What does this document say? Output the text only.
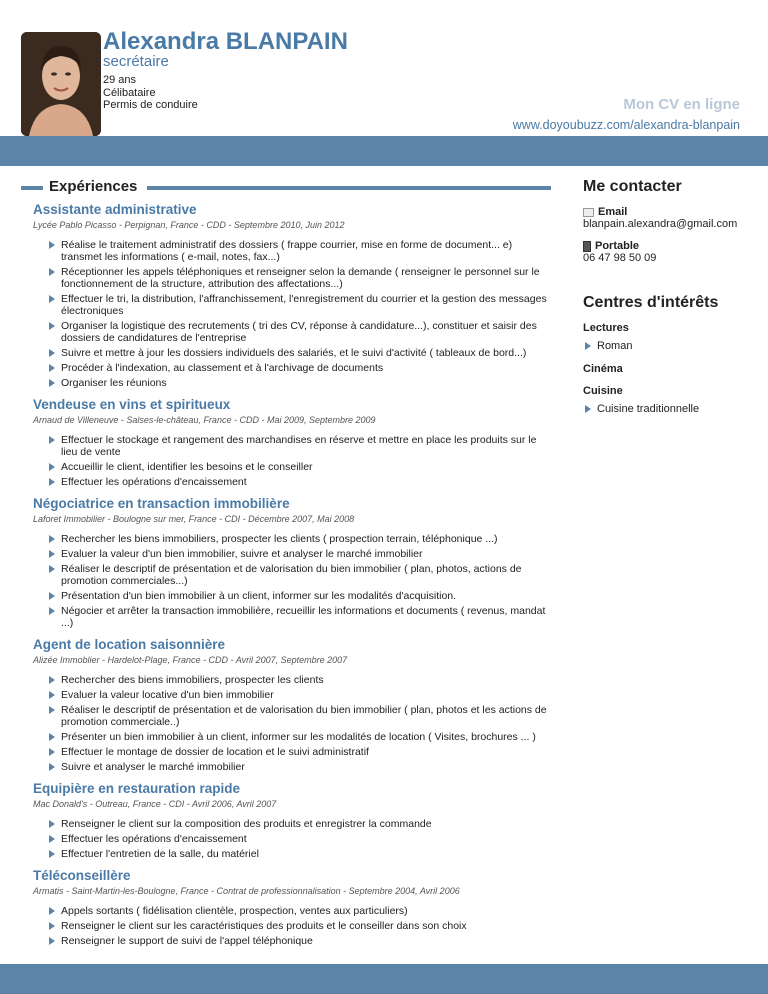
Alexandra BLANPAIN
secrétaire
29 ans
Célibataire
Permis de conduire	Mon CV en ligne
www.doyoubuzz.com/alexandra-blanpain
Expériences
Assistante administrative
Lycée Pablo Picasso - Perpignan, France - CDD - Septembre 2010, Juin 2012
Réalise le traitement administratif des dossiers ( frappe courrier, mise en forme de document... e) transmet les informations ( e-mail, notes, fax...)
Réceptionner les appels téléphoniques et renseigner selon la demande ( renseigner le personnel sur le fonctionnement de la structure, attribution des affectations...)
Effectuer le tri, la distribution, l'affranchissement, l'enregistrement du courrier et la gestion des messages électroniques
Organiser la logistique des recrutements ( tri des CV, réponse à candidature...), constituer et saisir des dossiers de candidatures de l'entreprise
Suivre et mettre à jour les dossiers individuels des salariés, et le suivi d'activité ( tableaux de bord...)
Procéder à l'indexation, au classement et à l'archivage de documents
Organiser les réunions
Vendeuse en vins et spiritueux
Arnaud de Villeneuve - Salses-le-château, France - CDD - Mai 2009, Septembre 2009
Effectuer le stockage et rangement des marchandises en réserve et mettre en place les produits sur le lieu de vente
Accueillir le client, identifier les besoins et le conseiller
Effectuer les opérations d'encaissement
Négociatrice en transaction immobilière
Laforet Immobilier - Boulogne sur mer, France - CDI - Décembre 2007, Mai 2008
Rechercher les biens immobiliers, prospecter les clients ( prospection terrain, téléphonique ...)
Evaluer la valeur d'un bien immobilier, suivre et analyser le marché immobilier
Réaliser le descriptif de présentation et de valorisation du bien immobilier ( plan, photos, actions de promotion commerciales...)
Présentation d'un bien immobilier à un client, informer sur les modalités d'acquisition.
Négocier et arrêter la transaction immobilière, recueillir les informations et documents ( revenus, mandat ...)
Agent de location saisonnière
Alizée Immoblier - Hardelot-Plage, France - CDD - Avril 2007, Septembre 2007
Rechercher des biens immobiliers, prospecter les clients
Evaluer la valeur locative d'un bien immobilier
Réaliser le descriptif de présentation et de valorisation du bien immobilier ( plan, photos et les actions de promotion commerciale..)
Présenter un bien immobilier à un client, informer sur les modalités de location ( Visites, brochures ... )
Effectuer le montage de dossier de location et le suivi administratif
Suivre et analyser le marché immobilier
Equipière en restauration rapide
Mac Donald's - Outreau, France - CDI - Avril 2006, Avril 2007
Renseigner le client sur la composition des produits et enregistrer la commande
Effectuer les opérations d'encaissement
Effectuer l'entretien de la salle, du matériel
Téléconseillère
Armatis - Saint-Martin-les-Boulogne, France - Contrat de professionnalisation - Septembre 2004, Avril 2006
Appels sortants ( fidélisation clientèle, prospection, ventes aux particuliers)
Renseigner le client sur les caractéristiques des produits et le conseiller dans son choix
Renseigner le support de suivi de l'appel téléphonique
Me contacter
Email
blanpain.alexandra@gmail.com
Portable
06 47 98 50 09
Centres d'intérêts
Lectures
Roman
Cinéma
Cuisine
Cuisine traditionnelle
